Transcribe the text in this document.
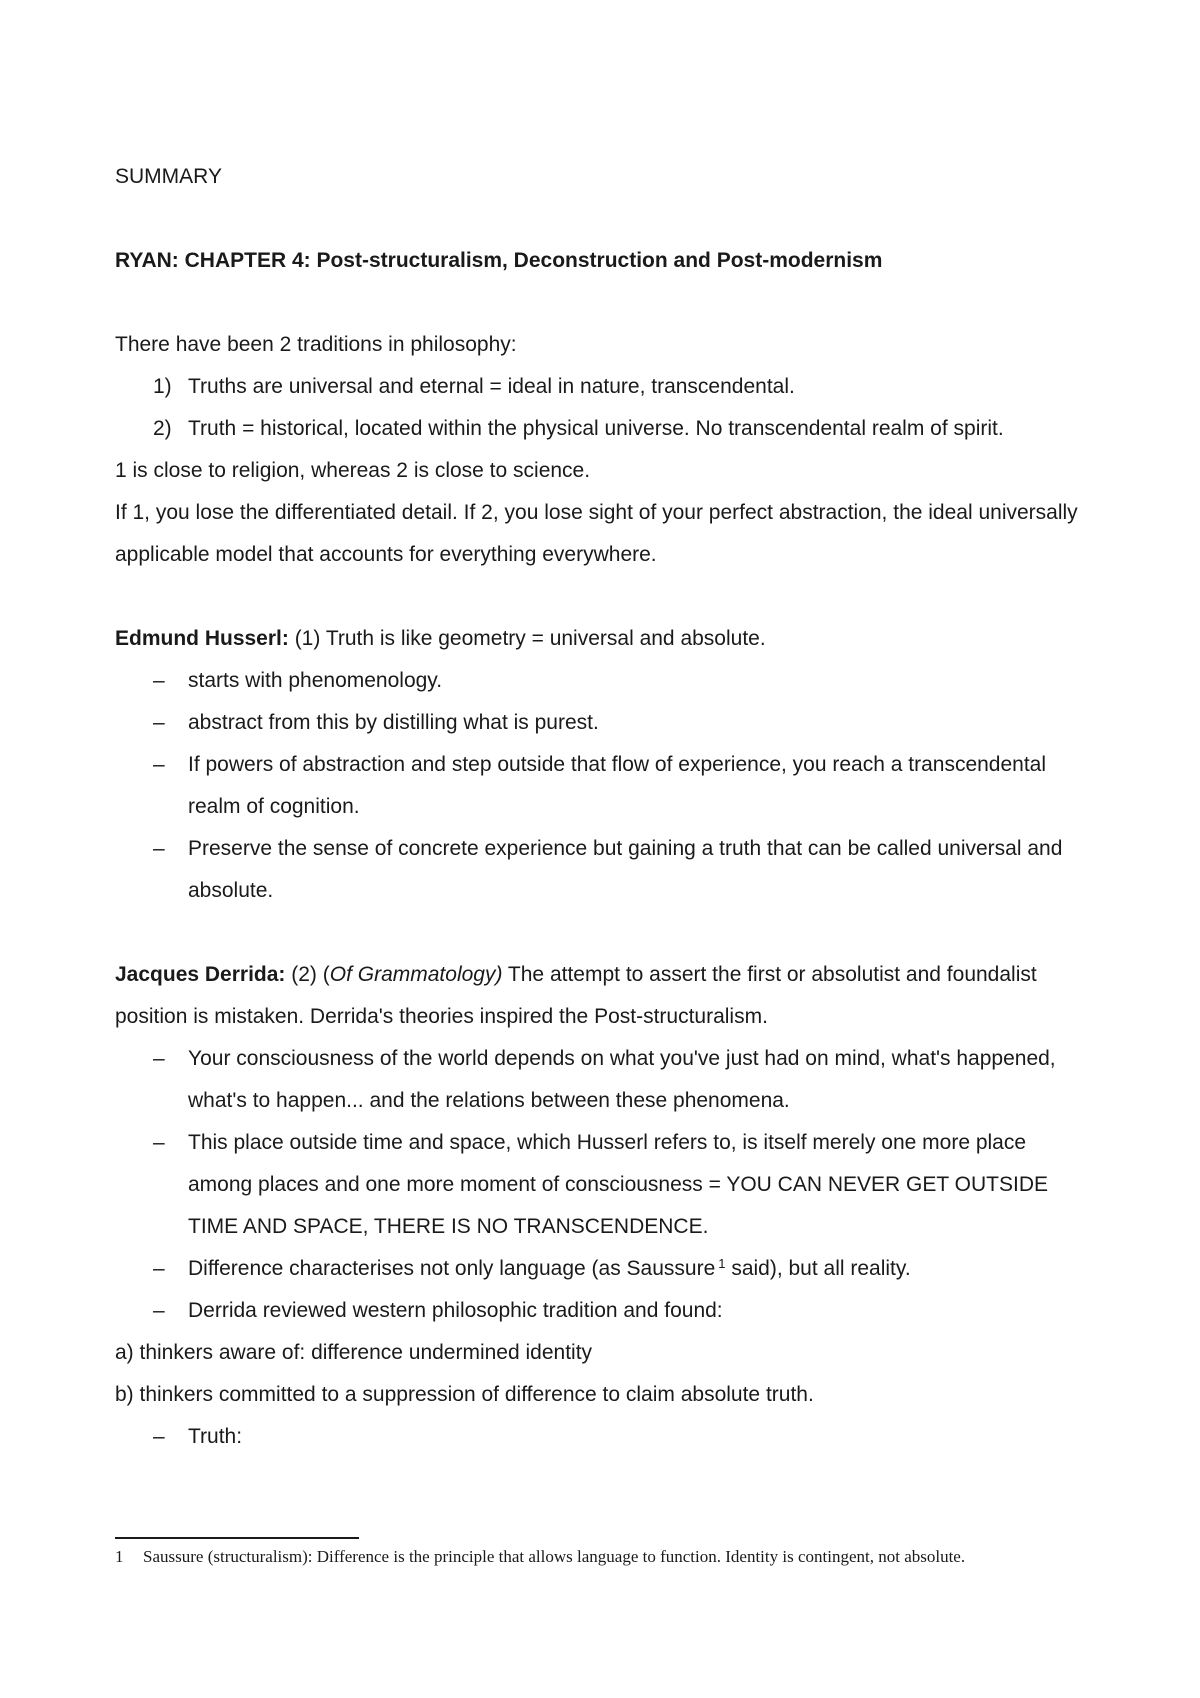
SUMMARY

RYAN: CHAPTER 4: Post-structuralism, Deconstruction and Post-modernism

There have been 2 traditions in philosophy:

1) Truths are universal and eternal = ideal in nature, transcendental.
2) Truth = historical, located within the physical universe. No transcendental realm of spirit.

1 is close to religion, whereas 2 is close to science.

If 1, you lose the differentiated detail. If 2, you lose sight of your perfect abstraction, the ideal universally applicable model that accounts for everything everywhere.

Edmund Husserl: (1) Truth is like geometry = universal and absolute.

– starts with phenomenology.
– abstract from this by distilling what is purest.
– If powers of abstraction and step outside that flow of experience, you reach a transcendental realm of cognition.
– Preserve the sense of concrete experience but gaining a truth that can be called universal and absolute.

Jacques Derrida: (2) (Of Grammatology) The attempt to assert the first or absolutist and foundalist position is mistaken. Derrida's theories inspired the Post-structuralism.

– Your consciousness of the world depends on what you've just had on mind, what's happened, what's to happen... and the relations between these phenomena.
– This place outside time and space, which Husserl refers to, is itself merely one more place among places and one more moment of consciousness = YOU CAN NEVER GET OUTSIDE TIME AND SPACE, THERE IS NO TRANSCENDENCE.
– Difference characterises not only language (as Saussure $^1$ said), but all reality.
– Derrida reviewed western philosophic tradition and found:

a) thinkers aware of: difference undermined identity

b) thinkers committed to a suppression of difference to claim absolute truth.

– Truth:
1 Saussure (structuralism): Difference is the principle that allows language to function. Identity is contingent, not absolute.
